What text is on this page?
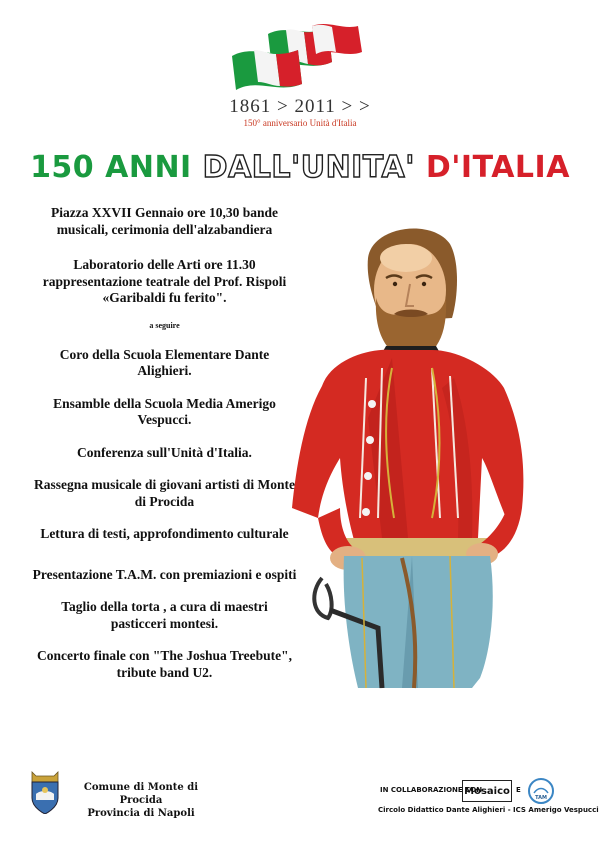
1861 > 2011 > >
150° anniversario Unità d'Italia
150 ANNI DALL'UNITA' D'ITALIA

Piazza XXVII Gennaio ore 10,30 bande musicali, cerimonia dell'alzabandiera

Laboratorio delle Arti ore 11.30 rappresentazione teatrale del Prof. Rispoli «Garibaldi fu ferito".

a seguire

Coro della Scuola Elementare Dante Alighieri.

Ensamble della Scuola Media Amerigo Vespucci.

Conferenza sull'Unità d'Italia.

Rassegna musicale di giovani artisti di Monte di Procida

Lettura di testi, approfondimento culturale

Presentazione T.A.M. con premiazioni e ospiti

Taglio della torta , a cura di maestri pasticceri montesi.

Concerto finale con "The Joshua Treebute", tribute band U2.

Comune di Monte di Procida
Provincia di Napoli
IN COLLABORAZIONE CON
Mosaico E
TAM
Circolo Didattico Dante Alighieri - ICS Amerigo Vespucci
